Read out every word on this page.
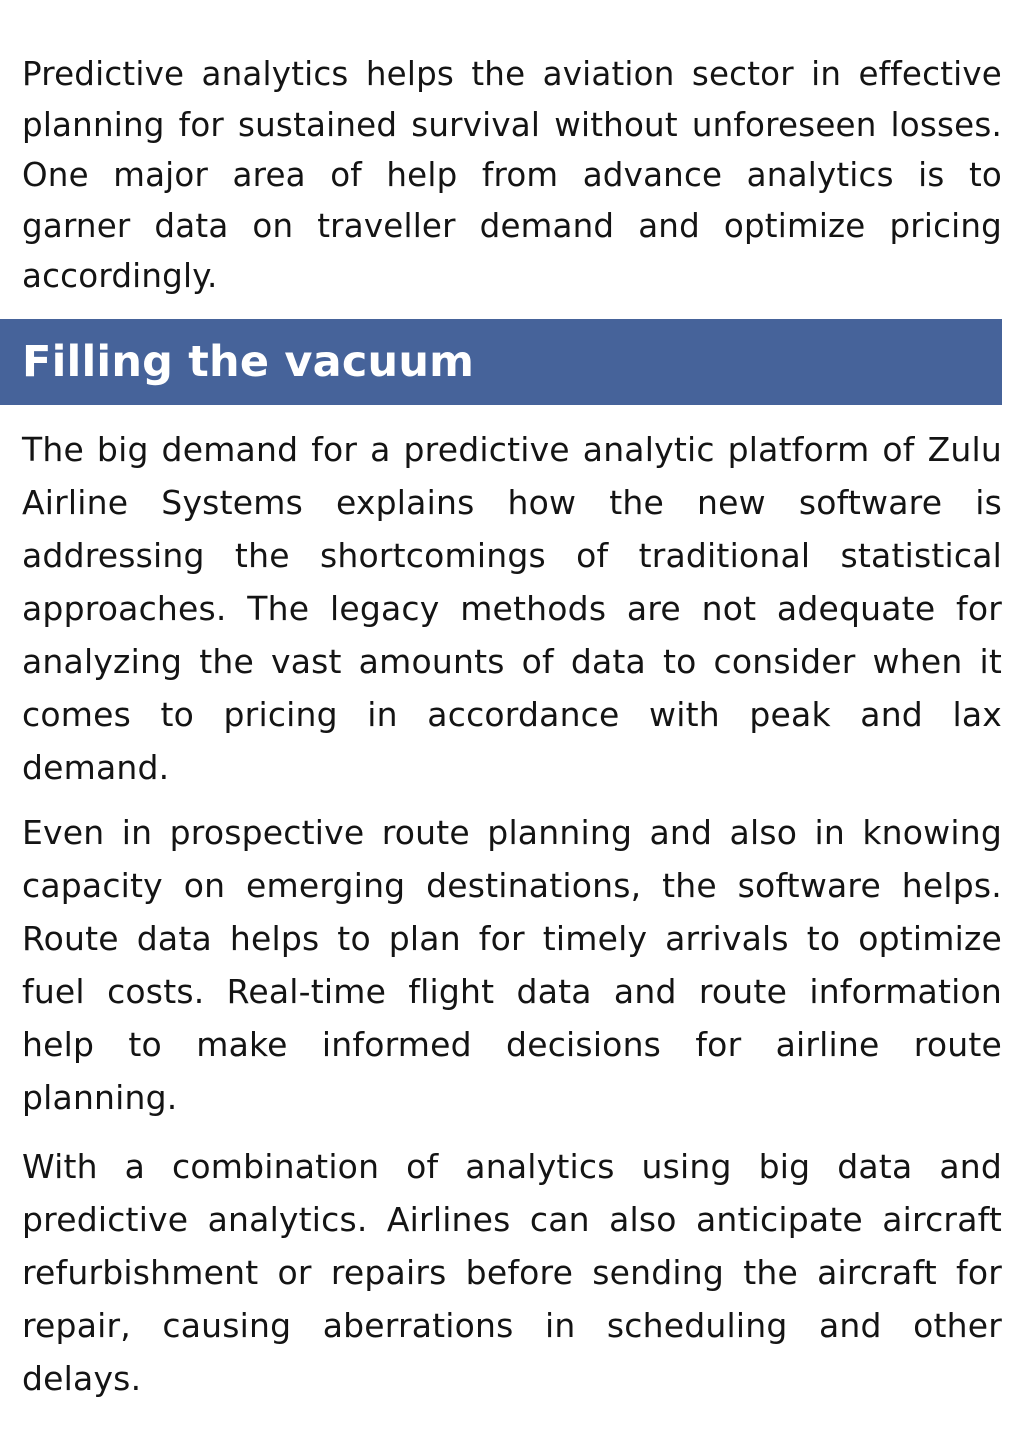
Predictive analytics helps the aviation sector in effective planning for sustained survival without unforeseen losses. One major area of help from advance analytics is to garner data on traveller demand and optimize pricing accordingly.

Filling the vacuum

The big demand for a predictive analytic platform of Zulu Airline Systems explains how the new software is addressing the shortcomings of traditional statistical approaches. The legacy methods are not adequate for analyzing the vast amounts of data to consider when it comes to pricing in accordance with peak and lax demand.

Even in prospective route planning and also in knowing capacity on emerging destinations, the software helps. Route data helps to plan for timely arrivals to optimize fuel costs. Real-time flight data and route information help to make informed decisions for airline route planning.

With a combination of analytics using big data and predictive analytics. Airlines can also anticipate aircraft refurbishment or repairs before sending the aircraft for repair, causing aberrations in scheduling and other delays.
